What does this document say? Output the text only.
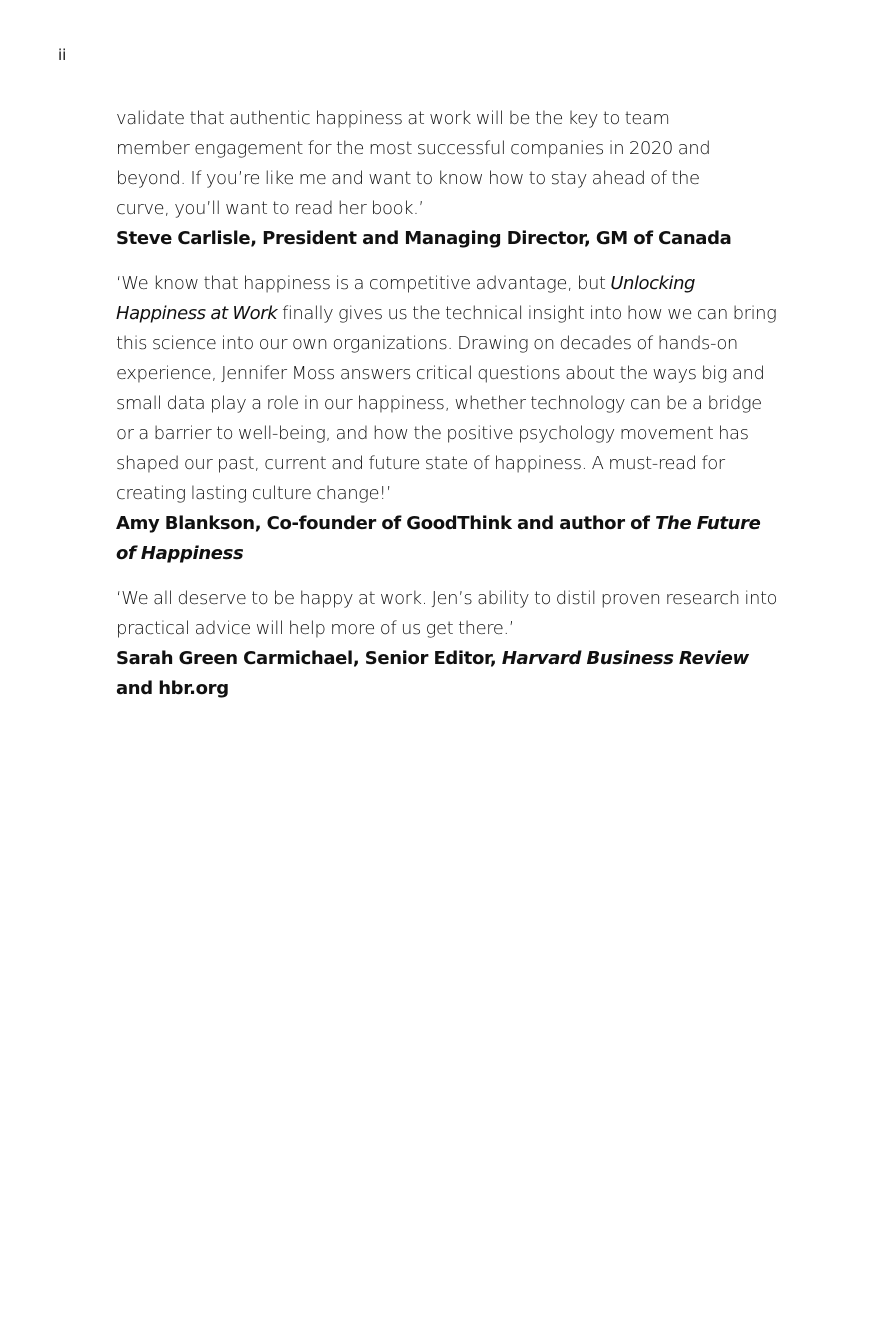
ii

validate that authentic happiness at work will be the key to team

member engagement for the most successful companies in 2020 and

beyond. If you’re like me and want to know how to stay ahead of the

curve, you’ll want to read her book.’

Steve Carlisle, President and Managing Director, GM of Canada

‘We know that happiness is a competitive advantage, but Unlocking Happiness at Work finally gives us the technical insight into how we can bring this science into our own organizations. Drawing on decades of hands-on experience, Jennifer Moss answers critical questions about the ways big and small data play a role in our happiness, whether technology can be a bridge or a barrier to well-being, and how the positive psychology movement has shaped our past, current and future state of happiness. A must-read for creating lasting culture change!’

Amy Blankson, Co-founder of GoodThink and author of The Future of Happiness

‘We all deserve to be happy at work. Jen’s ability to distil proven research into practical advice will help more of us get there.’

Sarah Green Carmichael, Senior Editor, Harvard Business Review and hbr.org
